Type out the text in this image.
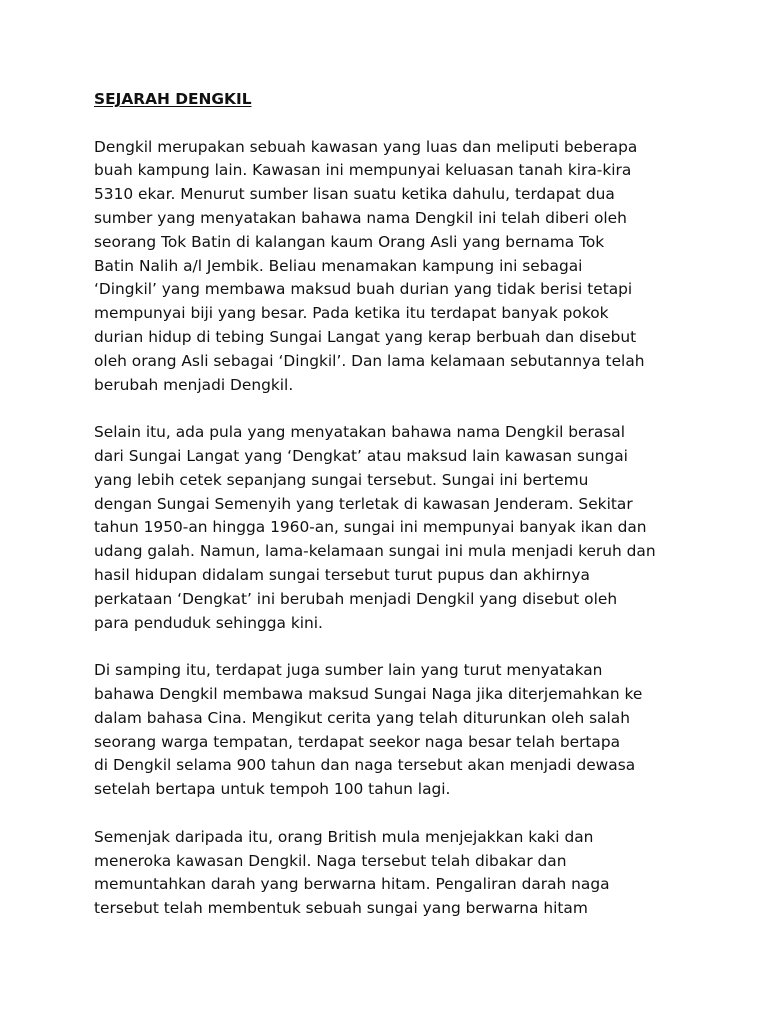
SEJARAH DENGKIL

Dengkil merupakan sebuah kawasan yang luas dan meliputi beberapa
buah kampung lain. Kawasan ini mempunyai keluasan tanah kira-kira
5310 ekar. Menurut sumber lisan suatu ketika dahulu, terdapat dua
sumber yang menyatakan bahawa nama Dengkil ini telah diberi oleh
seorang Tok Batin di kalangan kaum Orang Asli yang bernama Tok
Batin Nalih a/l Jembik. Beliau menamakan kampung ini sebagai
‘Dingkil’ yang membawa maksud buah durian yang tidak berisi tetapi
mempunyai biji yang besar. Pada ketika itu terdapat banyak pokok
durian hidup di tebing Sungai Langat yang kerap berbuah dan disebut
oleh orang Asli sebagai ‘Dingkil’. Dan lama kelamaan sebutannya telah
berubah menjadi Dengkil.

Selain itu, ada pula yang menyatakan bahawa nama Dengkil berasal
dari Sungai Langat yang ‘Dengkat’ atau maksud lain kawasan sungai
yang lebih cetek sepanjang sungai tersebut. Sungai ini bertemu
dengan Sungai Semenyih yang terletak di kawasan Jenderam. Sekitar
tahun 1950-an hingga 1960-an, sungai ini mempunyai banyak ikan dan
udang galah. Namun, lama-kelamaan sungai ini mula menjadi keruh dan
hasil hidupan didalam sungai tersebut turut pupus dan akhirnya
perkataan ‘Dengkat’ ini berubah menjadi Dengkil yang disebut oleh
para penduduk sehingga kini.

Di samping itu, terdapat juga sumber lain yang turut menyatakan
bahawa Dengkil membawa maksud Sungai Naga jika diterjemahkan ke
dalam bahasa Cina. Mengikut cerita yang telah diturunkan oleh salah
seorang warga tempatan, terdapat seekor naga besar telah bertapa
di Dengkil selama 900 tahun dan naga tersebut akan menjadi dewasa
setelah bertapa untuk tempoh 100 tahun lagi.

Semenjak daripada itu, orang British mula menjejakkan kaki dan
meneroka kawasan Dengkil. Naga tersebut telah dibakar dan
memuntahkan darah yang berwarna hitam. Pengaliran darah naga
tersebut telah membentuk sebuah sungai yang berwarna hitam
